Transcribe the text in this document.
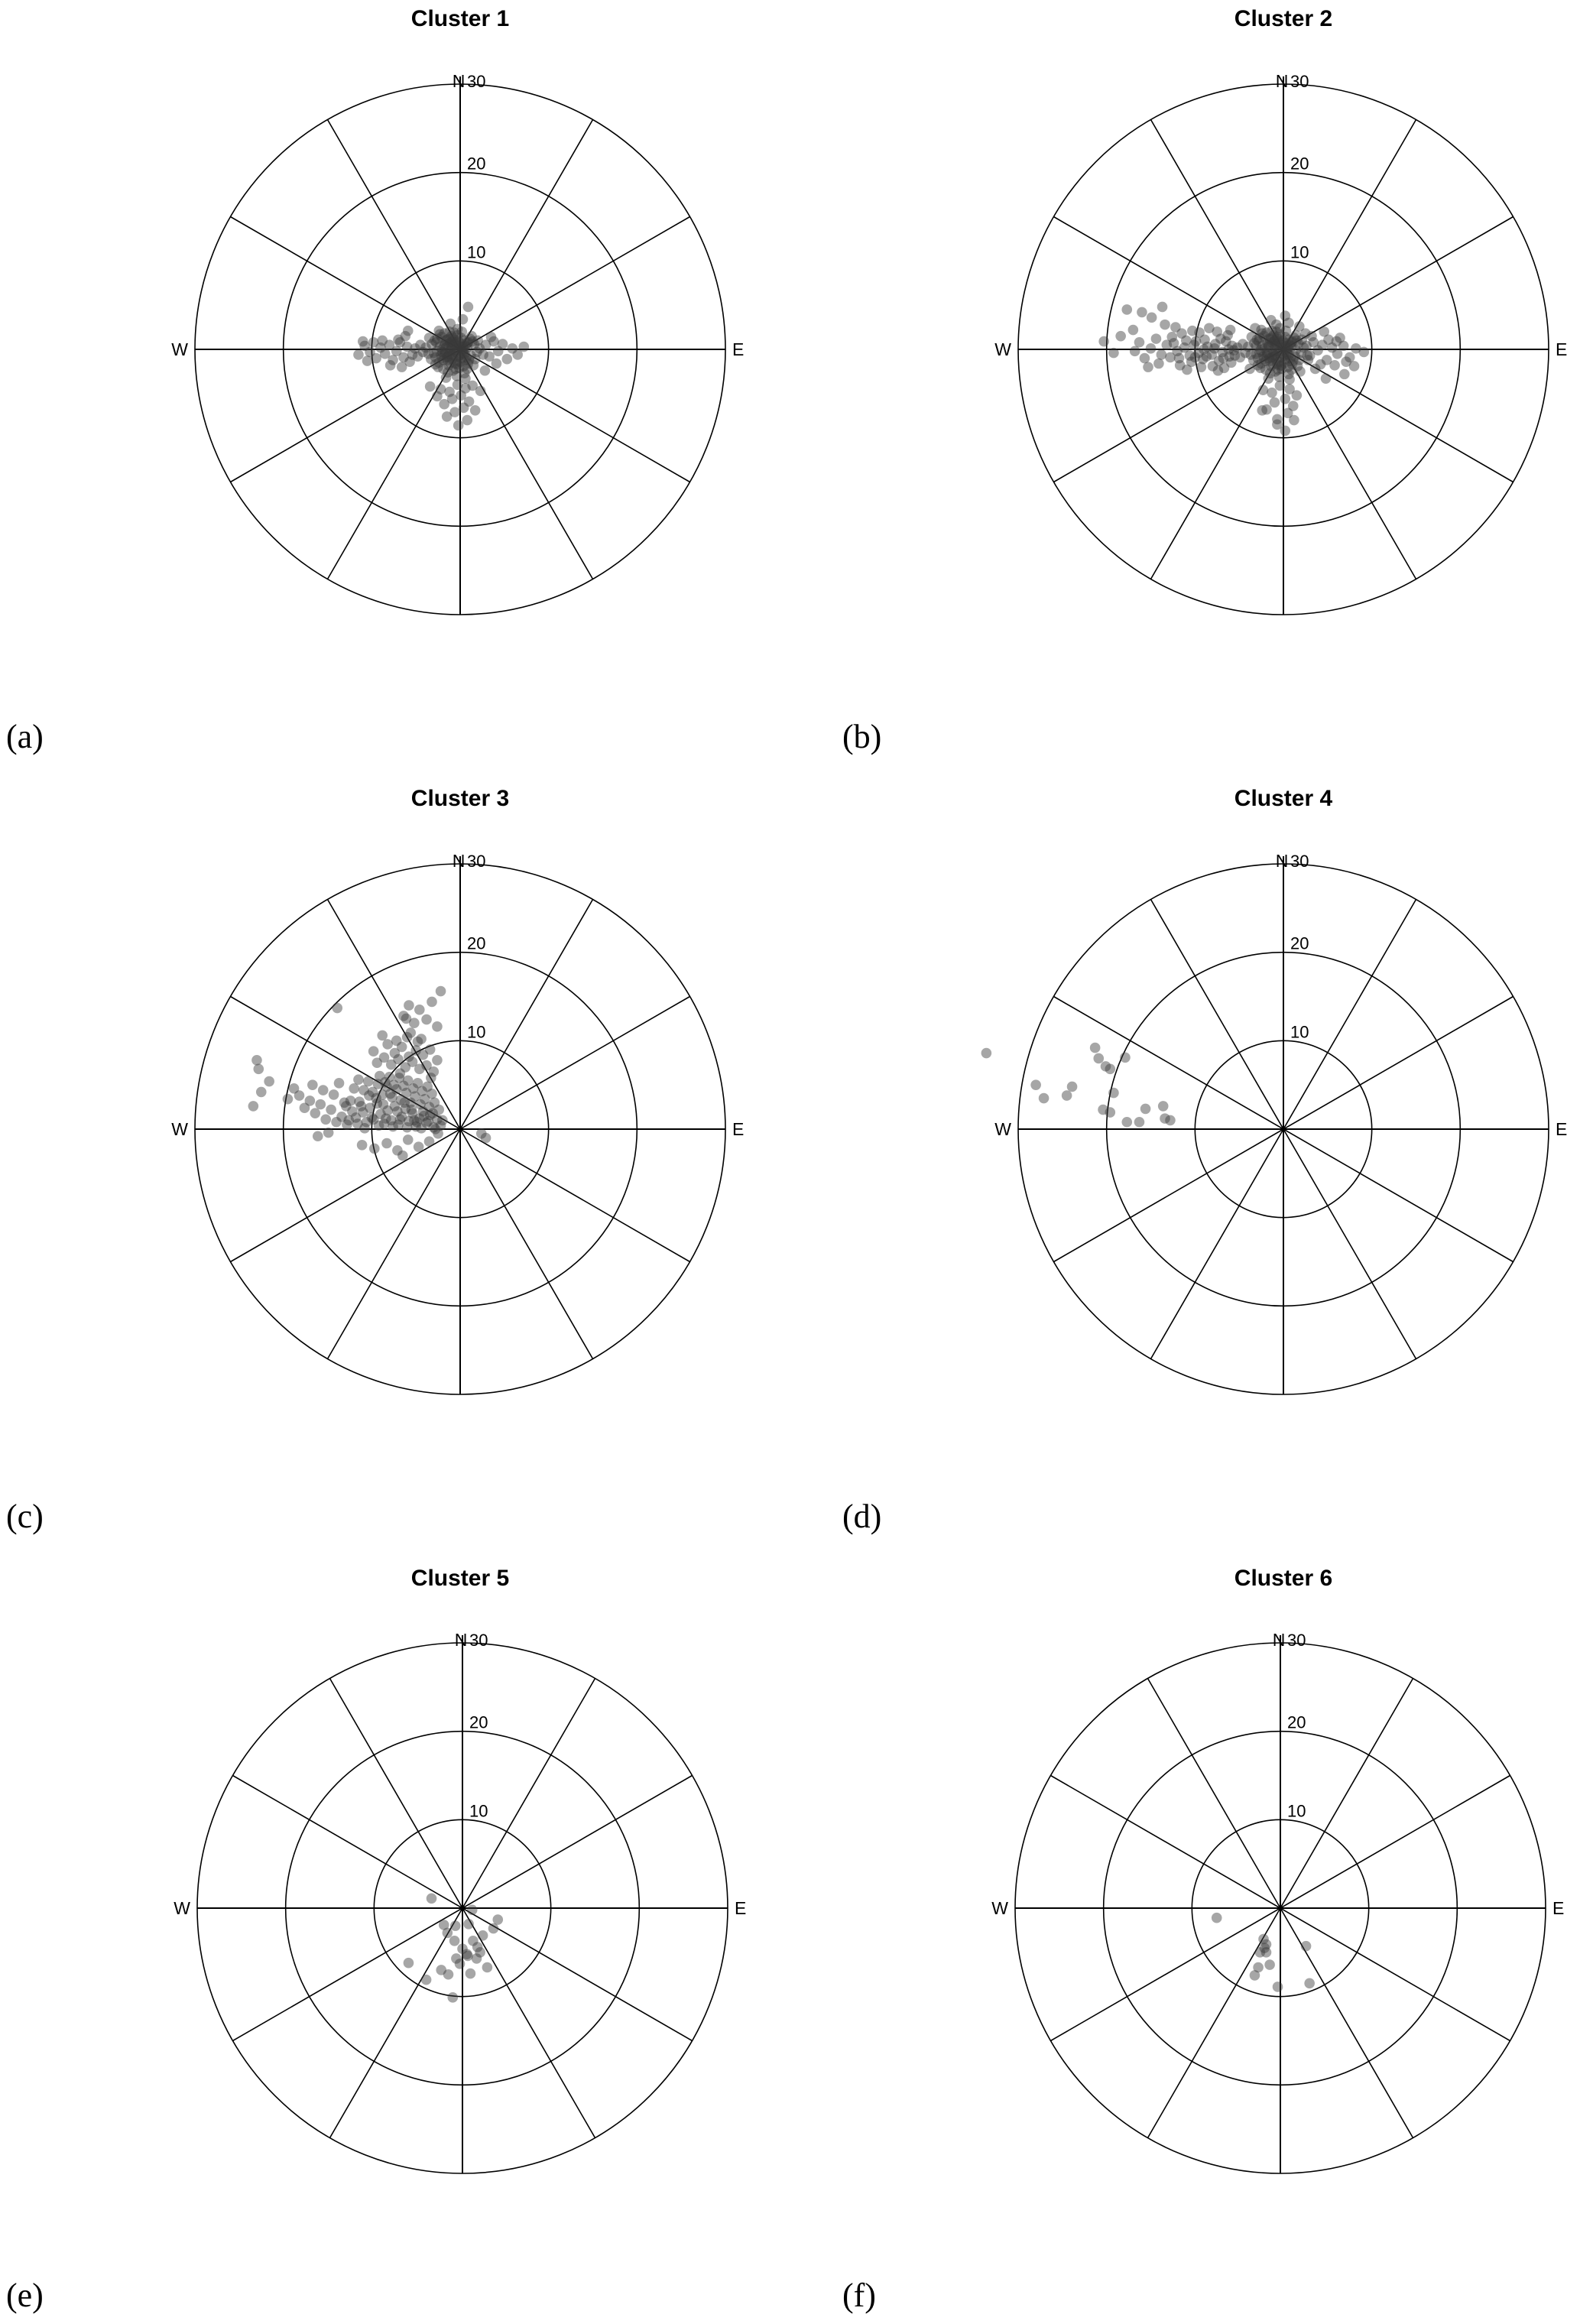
Cluster 1	Cluster 2
N
W	E
10
20
30	N
W	E
10
20
30
(a)	(b)
Cluster 3	Cluster 4
N
W	E
10
20
30	N
W	E
10
20
30
(c)	(d)
Cluster 5	Cluster 6
N
W	E
10
20
30	N
W	E
10
20
30
(e)	(f)
